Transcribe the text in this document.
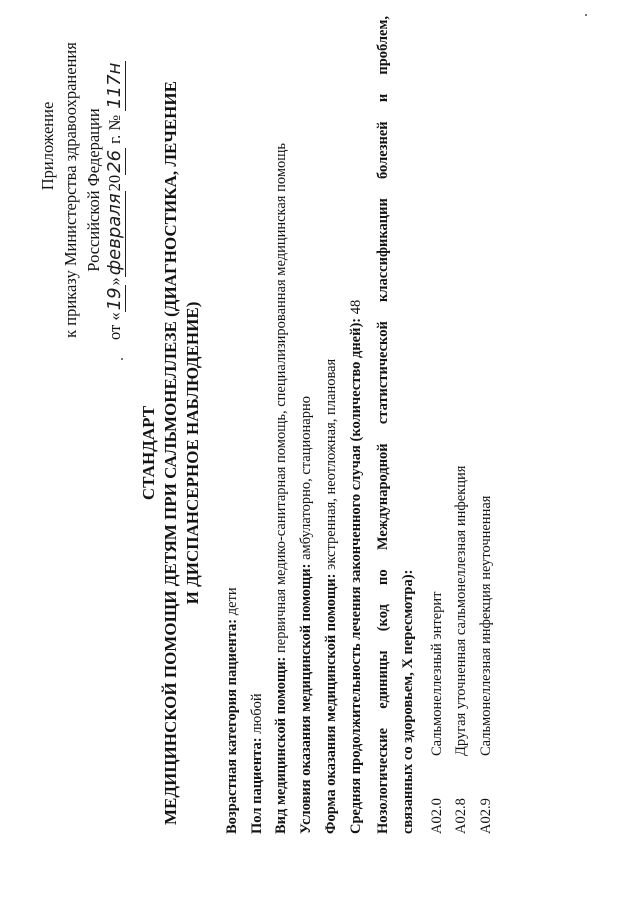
Приложение к приказу Министерства здравоохранения Российской Федерации
от «19»февраля2026 г. № 117н
СТАНДАРТ МЕДИЦИНСКОЙ ПОМОЩИ ДЕТЯМ ПРИ САЛЬМОНЕЛЛЕЗЕ (ДИАГНОСТИКА, ЛЕЧЕНИЕ И ДИСПАНСЕРНОЕ НАБЛЮДЕНИЕ)
Возрастная категория пациента: дети
Пол пациента: любой Вид медицинской помощи: первичная медико-санитарная помощь, специализированная медицинская помощь
Условия оказания медицинской помощи: амбулаторно, стационарно
Форма оказания медицинской помощи: экстренная, неотложная, плановая Средняя продолжительность лечения законченного случая (количество дней): 48
Нозологические
единицы
(код
по
Международной
статистической
классификации
болезней
и
проблем,
связанных со здоровьем, X пересмотра): A02.0
Сальмонеллезный энтерит
A02.8
Другая уточненная сальмонеллезная инфекция
A02.9
Сальмонеллезная инфекция неуточненная
